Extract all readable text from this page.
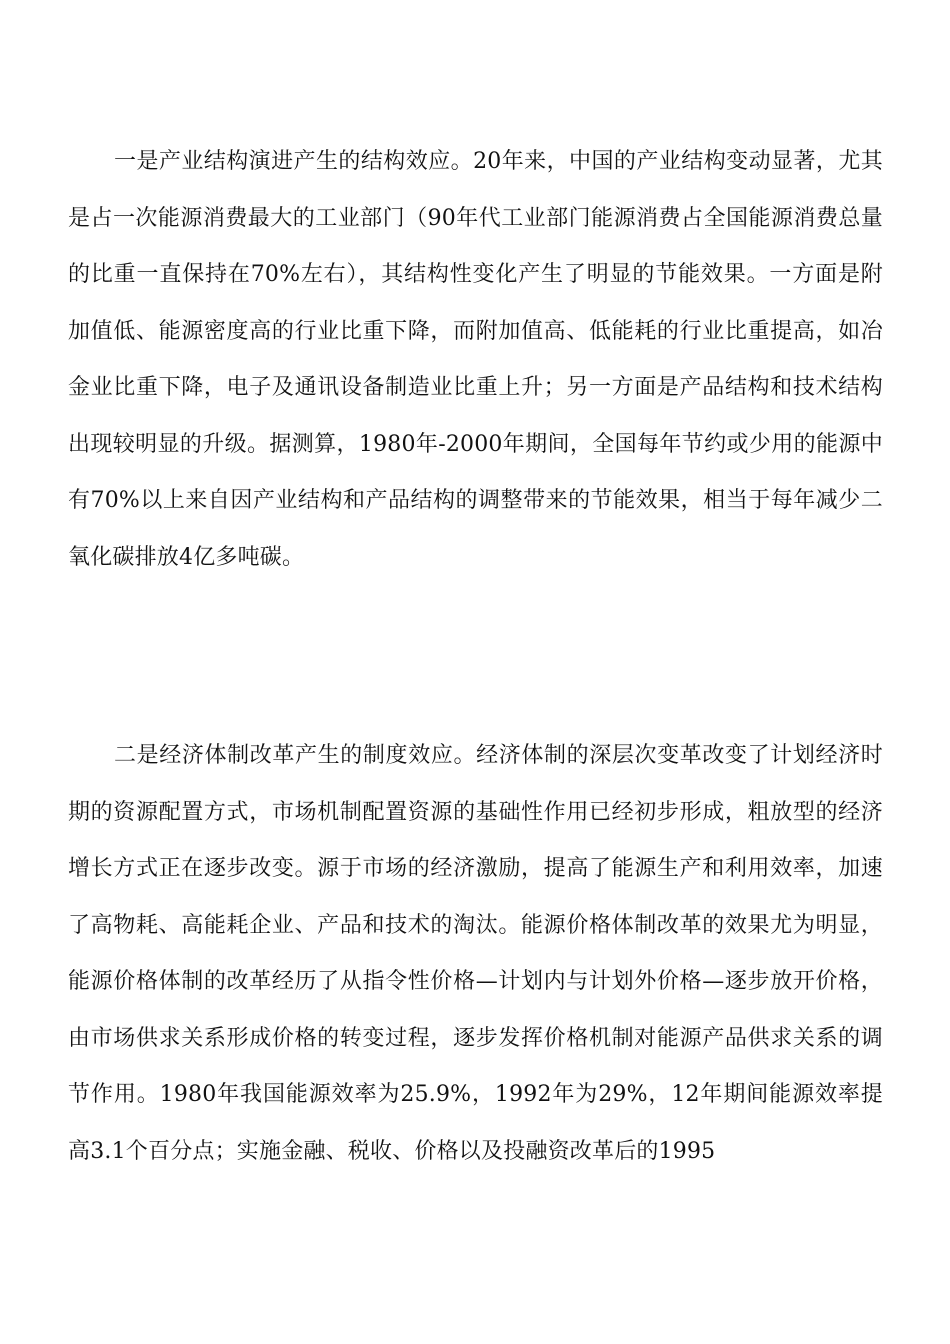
一是产业结构演进产生的结构效应。20年来，中国的产业结构变动显著，尤其是占一次能源消费最大的工业部门（90年代工业部门能源消费占全国能源消费总量的比重一直保持在70%左右），其结构性变化产生了明显的节能效果。一方面是附加值低、能源密度高的行业比重下降，而附加值高、低能耗的行业比重提高，如冶金业比重下降，电子及通讯设备制造业比重上升；另一方面是产品结构和技术结构出现较明显的升级。据测算，1980年-2000年期间，全国每年节约或少用的能源中有70%以上来自因产业结构和产品结构的调整带来的节能效果，相当于每年减少二氧化碳排放4亿多吨碳。

二是经济体制改革产生的制度效应。经济体制的深层次变革改变了计划经济时期的资源配置方式，市场机制配置资源的基础性作用已经初步形成，粗放型的经济增长方式正在逐步改变。源于市场的经济激励，提高了能源生产和利用效率，加速了高物耗、高能耗企业、产品和技术的淘汰。能源价格体制改革的效果尤为明显，能源价格体制的改革经历了从指令性价格—计划内与计划外价格—逐步放开价格，由市场供求关系形成价格的转变过程，逐步发挥价格机制对能源产品供求关系的调节作用。1980年我国能源效率为25.9%，1992年为29%，12年期间能源效率提高3.1个百分点；实施金融、税收、价格以及投融资改革后的1995
